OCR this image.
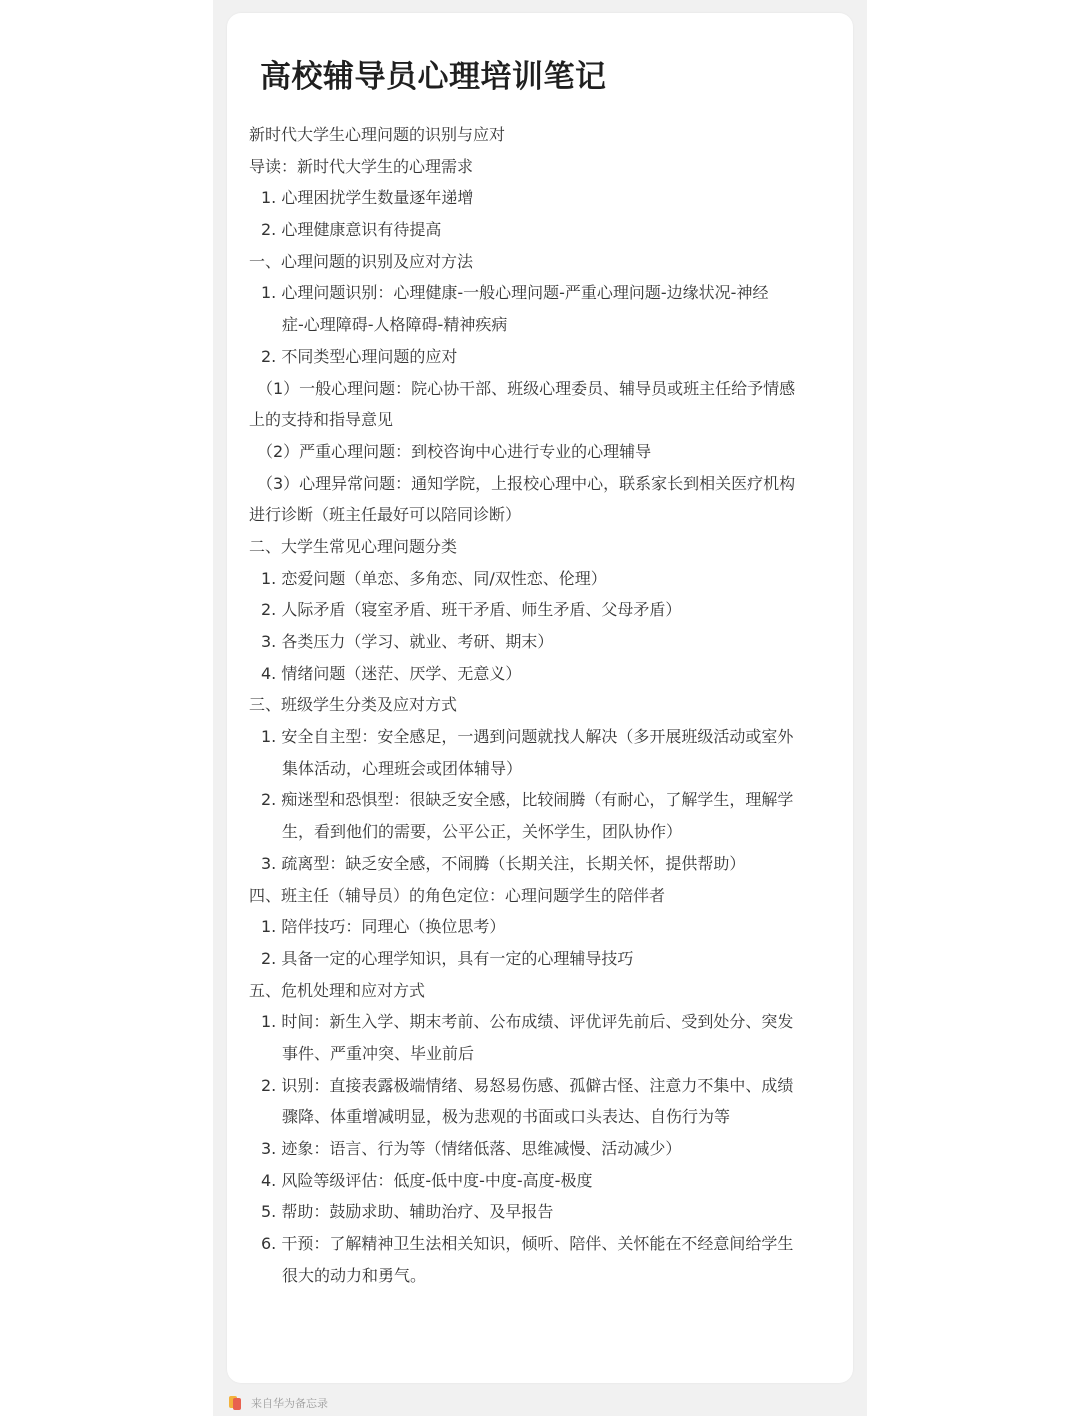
高校辅导员心理培训笔记
新时代大学生心理问题的识别与应对
导读：新时代大学生的心理需求
1. 心理困扰学生数量逐年递增
2. 心理健康意识有待提高
一、心理问题的识别及应对方法
1. 心理问题识别：心理健康-一般心理问题-严重心理问题-边缘状况-神经
症-心理障碍-人格障碍-精神疾病
2. 不同类型心理问题的应对
（1）一般心理问题：院心协干部、班级心理委员、辅导员或班主任给予情感
上的支持和指导意见
（2）严重心理问题：到校咨询中心进行专业的心理辅导
（3）心理异常问题：通知学院，上报校心理中心，联系家长到相关医疗机构
进行诊断（班主任最好可以陪同诊断）
二、大学生常见心理问题分类
1. 恋爱问题（单恋、多角恋、同/双性恋、伦理）
2. 人际矛盾（寝室矛盾、班干矛盾、师生矛盾、父母矛盾）
3. 各类压力（学习、就业、考研、期末）
4. 情绪问题（迷茫、厌学、无意义）
三、班级学生分类及应对方式
1. 安全自主型：安全感足，一遇到问题就找人解决（多开展班级活动或室外
集体活动，心理班会或团体辅导）
2. 痴迷型和恐惧型：很缺乏安全感，比较闹腾（有耐心，了解学生，理解学
生，看到他们的需要，公平公正，关怀学生，团队协作）
3. 疏离型：缺乏安全感，不闹腾（长期关注，长期关怀，提供帮助）
四、班主任（辅导员）的角色定位：心理问题学生的陪伴者
1. 陪伴技巧：同理心（换位思考）
2. 具备一定的心理学知识，具有一定的心理辅导技巧
五、危机处理和应对方式
1. 时间：新生入学、期末考前、公布成绩、评优评先前后、受到处分、突发
事件、严重冲突、毕业前后
2. 识别：直接表露极端情绪、易怒易伤感、孤僻古怪、注意力不集中、成绩
骤降、体重增减明显，极为悲观的书面或口头表达、自伤行为等
3. 迹象：语言、行为等（情绪低落、思维减慢、活动减少）
4. 风险等级评估：低度-低中度-中度-高度-极度
5. 帮助：鼓励求助、辅助治疗、及早报告
6. 干预：了解精神卫生法相关知识，倾听、陪伴、关怀能在不经意间给学生
很大的动力和勇气。
来自华为备忘录
